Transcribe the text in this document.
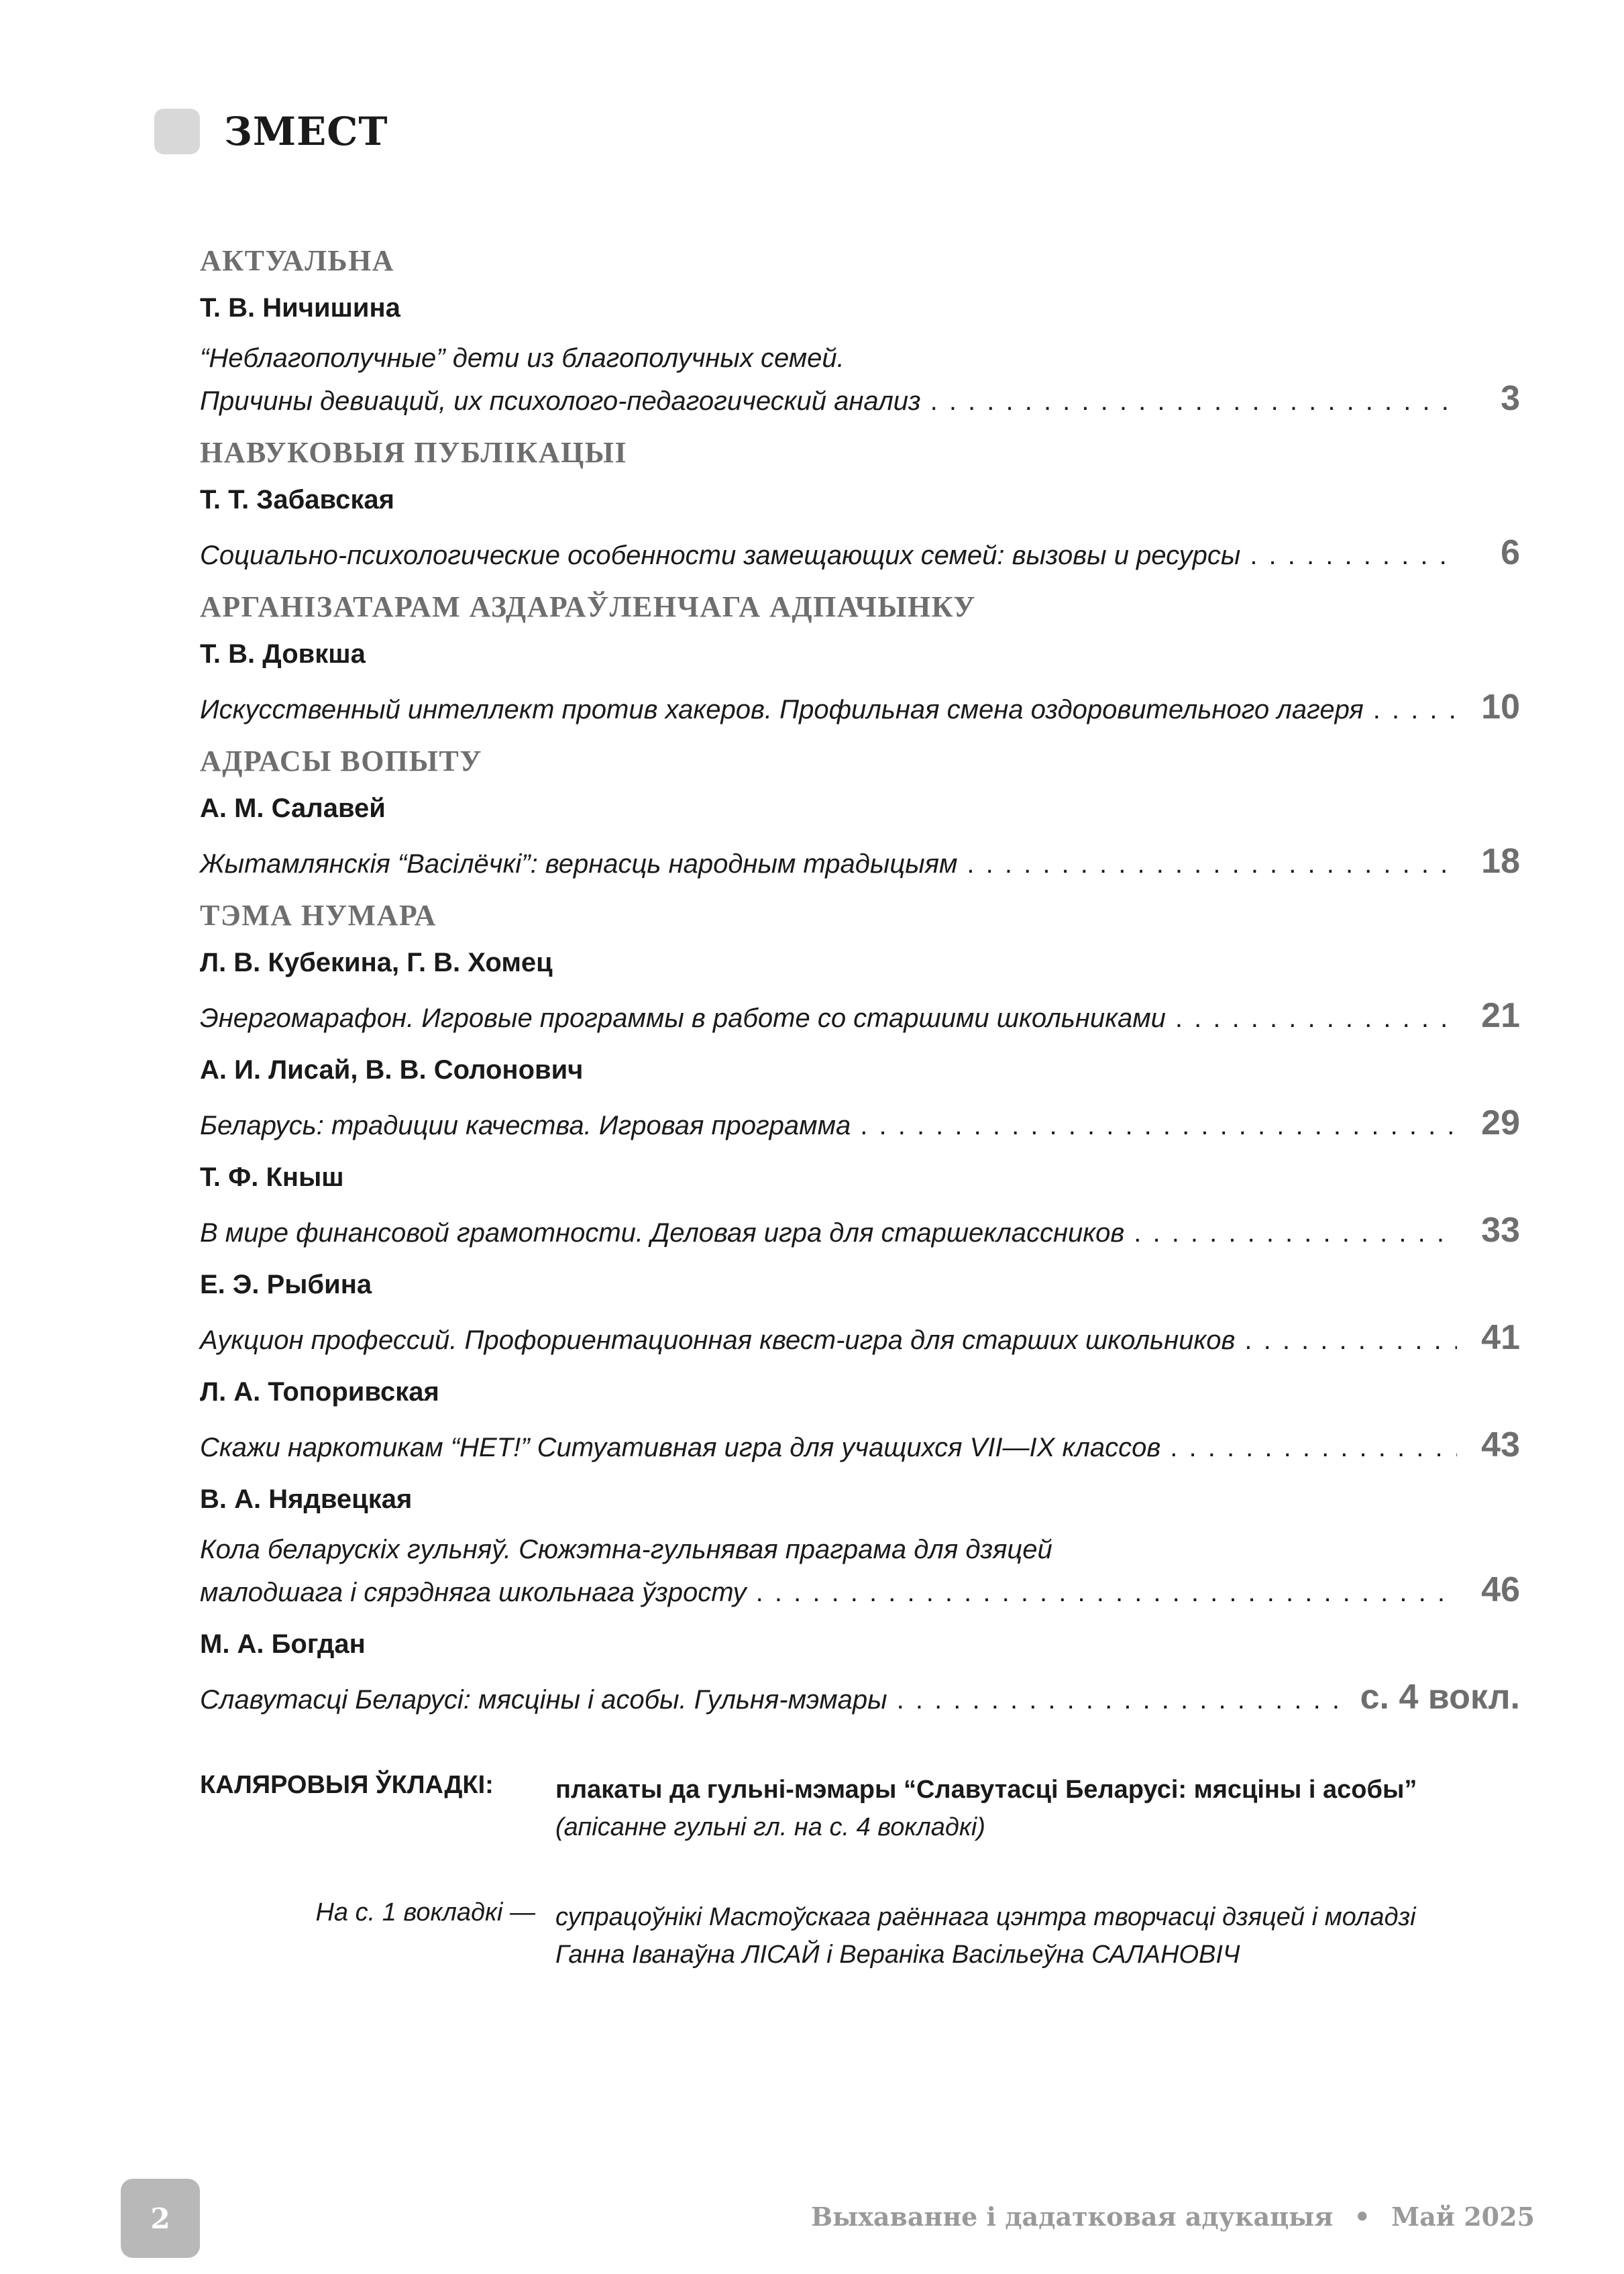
ЗМЕСТ
АКТУАЛЬНА
Т. В. Ничишина
“Неблагополучные” дети из благополучных семей.
Причины девиаций, их психолого-педагогический анализ . . .	3
НАВУКОВЫЯ ПУБЛІКАЦЫІ
Т. Т. Забавская
Социально-психологические особенности замещающих семей: вызовы и ресурсы . . .	6
АРГАНІЗАТАРАМ АЗДАРАЎЛЕНЧАГА АДПАЧЫНКУ
Т. В. Довкша
Искусственный интеллект против хакеров. Профильная смена оздоровительного лагеря . . .	10
АДРАСЫ ВОПЫТУ
А. М. Салавей
Жытамлянскія “Васілёчкі”: вернасць народным традыцыям . . .	18
ТЭМА НУМАРА
Л. В. Кубекина, Г. В. Хомец
Энергомарафон. Игровые программы в работе со старшими школьниками . . .	21
А. И. Лисай, В. В. Солонович
Беларусь: традиции качества. Игровая программа . . .	29
Т. Ф. Кныш
В мире финансовой грамотности. Деловая игра для старшеклассников . . .	33
Е. Э. Рыбина
Аукцион профессий. Профориентационная квест-игра для старших школьников . . .	41
Л. А. Топоривская
Скажи наркотикам “НЕТ!” Ситуативная игра для учащихся VII—IX классов . . .	43
В. А. Нядвецкая
Кола беларускіх гульняў. Сюжэтна-гульнявая праграма для дзяцей
малодшага і сярэдняга школьнага ўзросту . . .	46
М. А. Богдан
Славутасці Беларусі: мясціны і асобы. Гульня-мэмары . . .	с. 4 вокл.
КАЛЯРОВЫЯ ЎКЛАДКІ:	плакаты да гульні-мэмары “Славутасці Беларусі: мясціны і асобы”
(апісанне гульні гл. на с. 4 вокладкі)
На с. 1 вокладкі — супрацоўнікі Мастоўскага раённага цэнтра творчасці дзяцей і моладзі
Ганна Іванаўна ЛІСАЙ і Вераніка Васільеўна САЛАНОВІЧ
2	Выхаванне і дадатковая адукацыя • Май 2025
